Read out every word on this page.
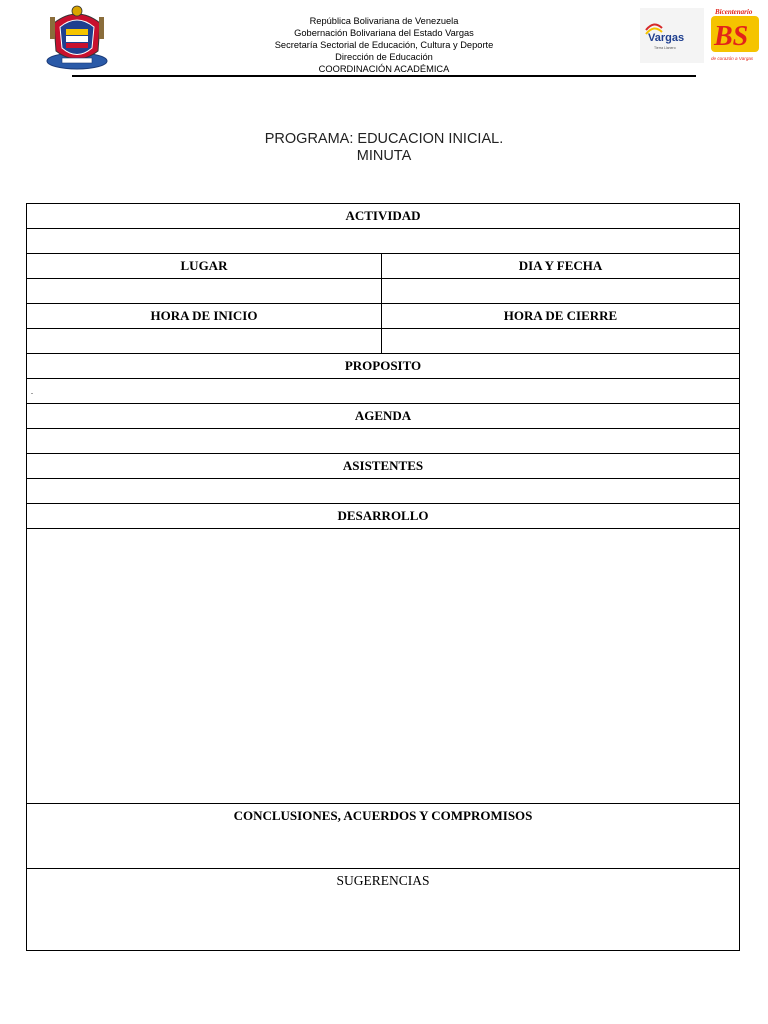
República Bolivariana de Venezuela
Gobernación Bolivariana del Estado Vargas
Secretaría Sectorial de Educación, Cultura y Deporte
Dirección de Educación
COORDINACIÓN ACADÉMICA
Vargas
Tierra Llanero
Bicentenario
BS
de corazón a Vargas
PROGRAMA: EDUCACION INICIAL.
MINUTA
ACTIVIDAD	

LUGAR	DIA Y FECHA

HORA DE INICIO	HORA DE CIERRE

PROPOSITO	
.	
AGENDA	

ASISTENTES	

DESARROLLO	

CONCLUSIONES, ACUERDOS Y COMPROMISOS	
SUGERENCIAS	
